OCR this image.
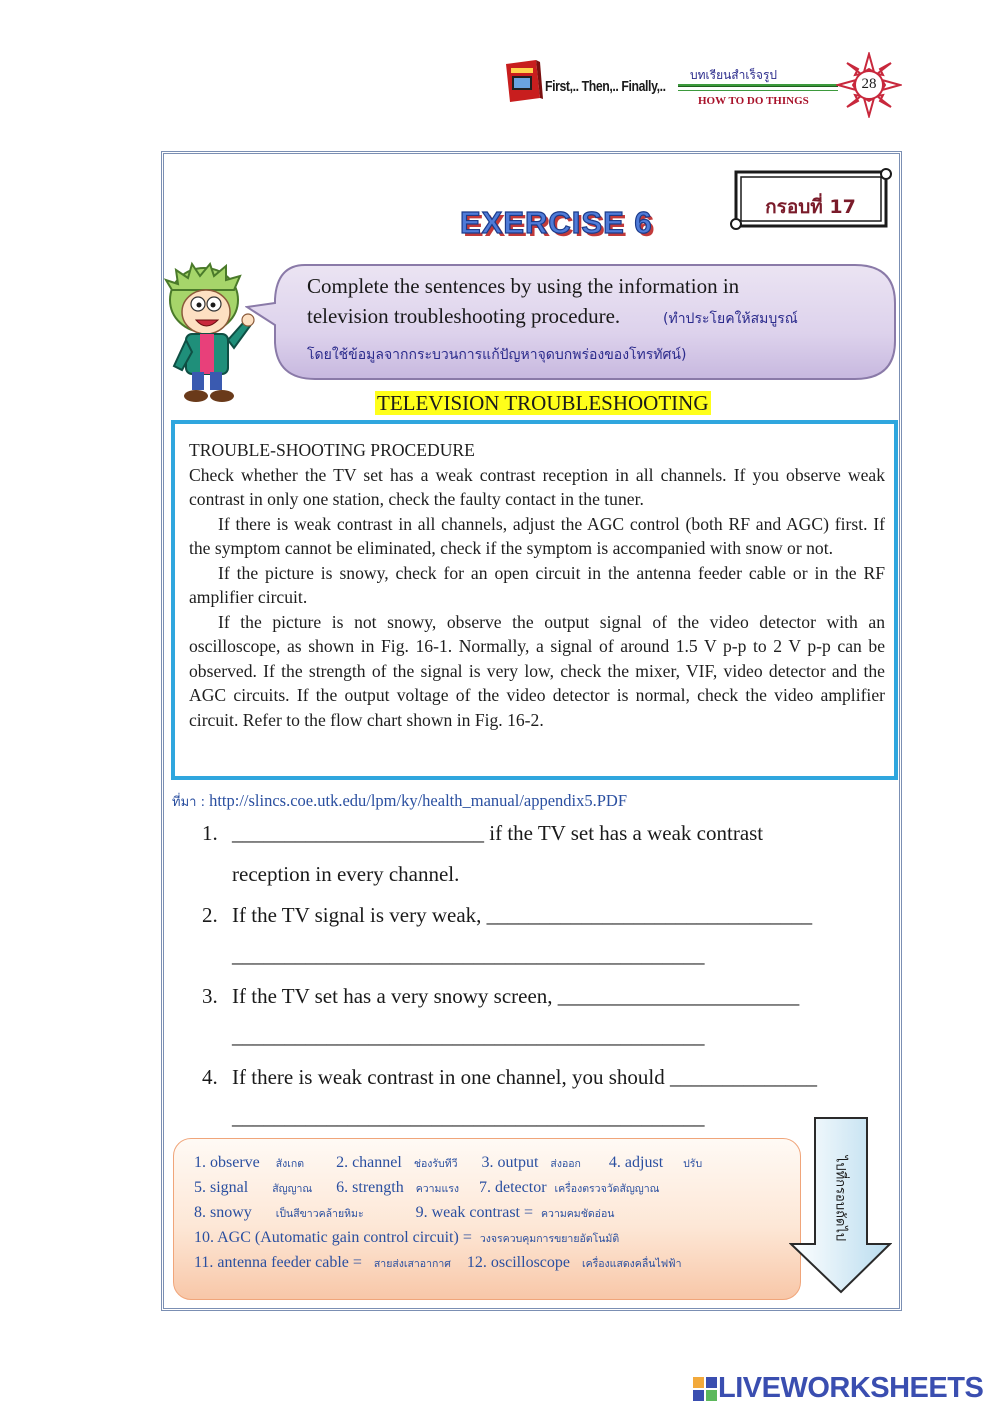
First,.. Then,.. Finally,..
บทเรียนสำเร็จรูป
HOW TO DO THINGS
28
กรอบที่ 17
EXERCISE 6
Complete the sentences by using the information in
television troubleshooting procedure.	(ทำประโยคให้สมบูรณ์
โดยใช้ข้อมูลจากกระบวนการแก้ปัญหาจุดบกพร่องของโทรทัศน์)
TELEVISION TROUBLESHOOTING

TROUBLE-SHOOTING PROCEDURE

Check whether the TV set has a weak contrast reception in all channels. If you observe weak contrast in only one station, check the faulty contact in the tuner.

If there is weak contrast in all channels, adjust the AGC control (both RF and AGC) first. If the symptom cannot be eliminated, check if the symptom is accompanied with snow or not.

If the picture is snowy, check for an open circuit in the antenna feeder cable or in the RF amplifier circuit.

If the picture is not snowy, observe the output signal of the video detector with an oscilloscope, as shown in Fig. 16-1. Normally, a signal of around 1.5 V p-p to 2 V p-p can be observed. If the strength of the signal is very low, check the mixer, VIF, video detector and the AGC circuits. If the output voltage of the video detector is normal, check the video amplifier circuit. Refer to the flow chart shown in Fig. 16-2.

ที่มา : http://slincs.coe.utk.edu/lpm/ky/health_manual/appendix5.PDF
1. ________________________ if the TV set has a weak contrast
reception in every channel.
2. If the TV signal is very weak, _______________________________
_____________________________________________
3. If the TV set has a very snowy screen, _______________________
_____________________________________________
4. If there is weak contrast in one channel, you should ______________
_____________________________________________
1. observe สังเกต 2. channel ช่องรับทีวี 3. output ส่งออก 4. adjust ปรับ
5. signal สัญญาณ 6. strength ความแรง 7. detector เครื่องตรวจวัดสัญญาณ
8. snowy เป็นสีขาวคล้ายหิมะ	9. weak contrast = ความคมชัดอ่อน
10. AGC (Automatic gain control circuit) = วงจรควบคุมการขยายอัตโนมัติ
11. antenna feeder cable = สายส่งเสาอากาศ 12. oscilloscope เครื่องแสดงคลื่นไฟฟ้า
ไปที่กรอบถัดไป
LIVEWORKSHEETS
